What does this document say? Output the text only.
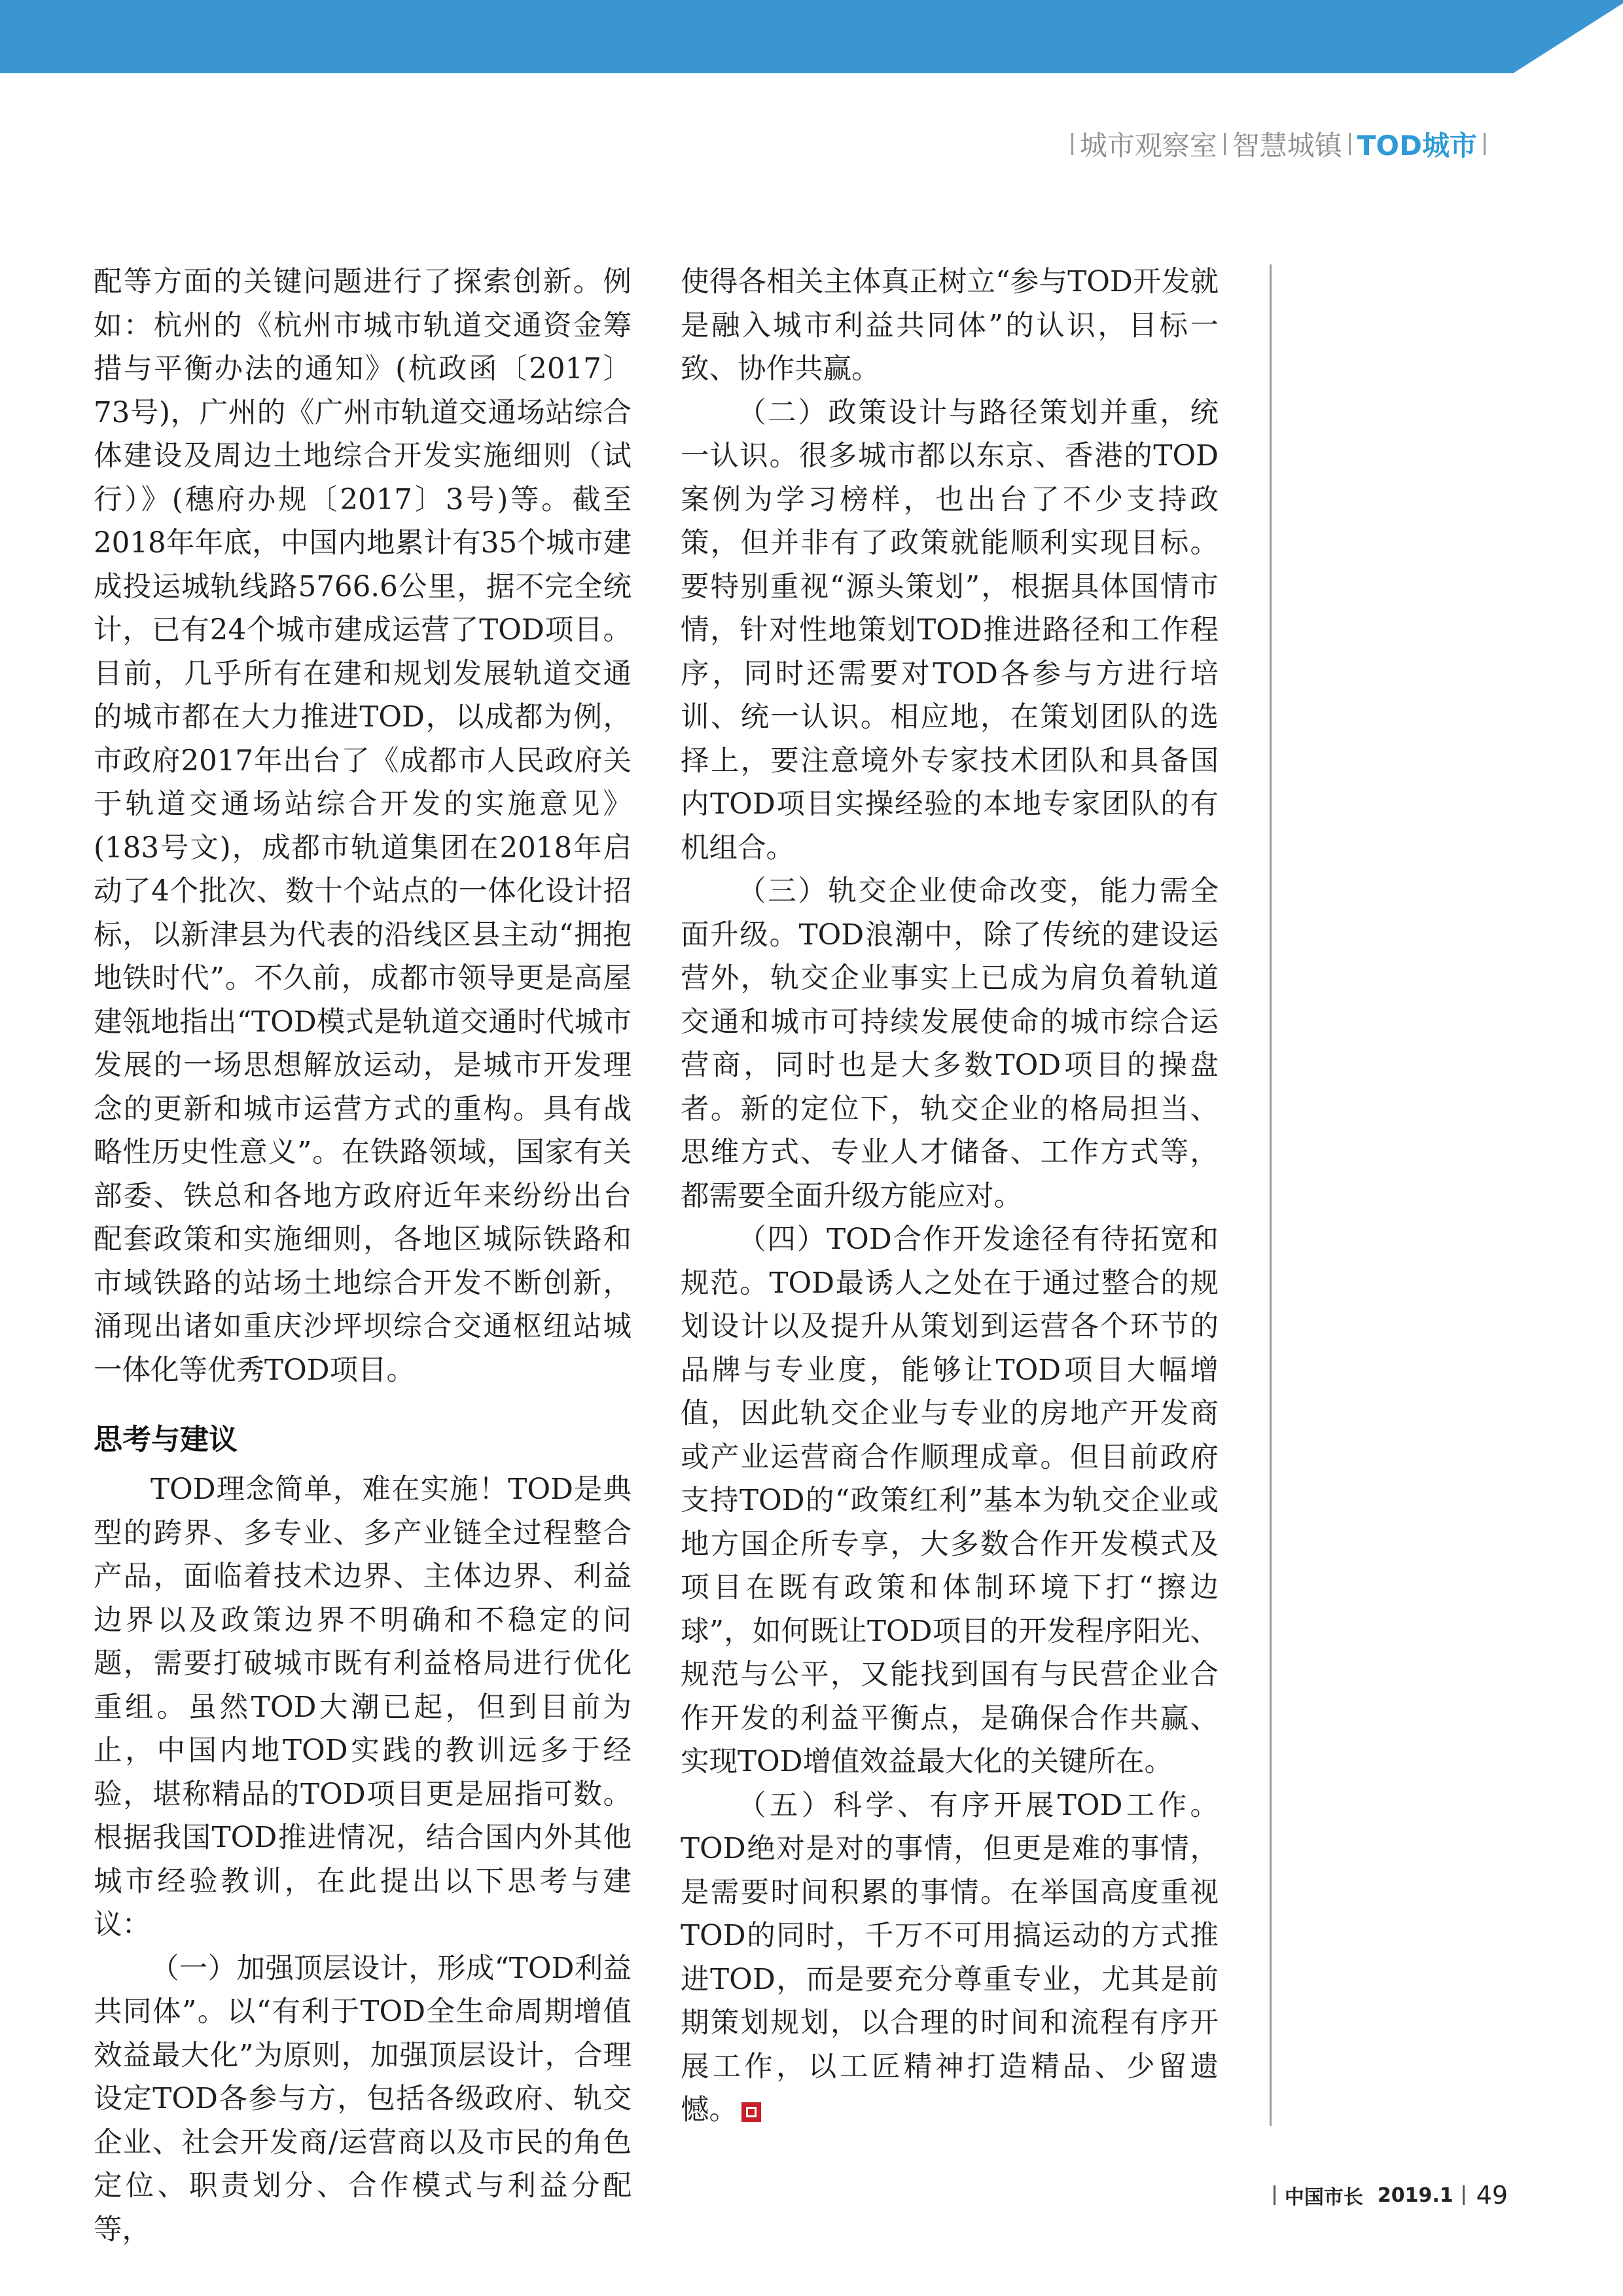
城市观察室 智慧城镇 TOD城市

配等方面的关键问题进行了探索创新。例如：杭州的《杭州市城市轨道交通资金筹措与平衡办法的通知》(杭政函〔2017〕73号)，广州的《广州市轨道交通场站综合体建设及周边土地综合开发实施细则（试行）》(穗府办规〔2017〕3号)等。截至2018年年底，中国内地累计有35个城市建成投运城轨线路5766.6公里，据不完全统计，已有24个城市建成运营了TOD项目。目前，几乎所有在建和规划发展轨道交通的城市都在大力推进TOD，以成都为例，市政府2017年出台了《成都市人民政府关于轨道交通场站综合开发的实施意见》(183号文)，成都市轨道集团在2018年启动了4个批次、数十个站点的一体化设计招标，以新津县为代表的沿线区县主动“拥抱地铁时代”。不久前，成都市领导更是高屋建瓴地指出“TOD模式是轨道交通时代城市发展的一场思想解放运动，是城市开发理念的更新和城市运营方式的重构。具有战略性历史性意义”。在铁路领域，国家有关部委、铁总和各地方政府近年来纷纷出台配套政策和实施细则，各地区城际铁路和市域铁路的站场土地综合开发不断创新，涌现出诸如重庆沙坪坝综合交通枢纽站城一体化等优秀TOD项目。

思考与建议

TOD理念简单，难在实施！TOD是典型的跨界、多专业、多产业链全过程整合产品，面临着技术边界、主体边界、利益边界以及政策边界不明确和不稳定的问题，需要打破城市既有利益格局进行优化重组。虽然TOD大潮已起，但到目前为止，中国内地TOD实践的教训远多于经验，堪称精品的TOD项目更是屈指可数。根据我国TOD推进情况，结合国内外其他城市经验教训，在此提出以下思考与建议：

（一）加强顶层设计，形成“TOD利益共同体”。以“有利于TOD全生命周期增值效益最大化”为原则，加强顶层设计，合理设定TOD各参与方，包括各级政府、轨交企业、社会开发商/运营商以及市民的角色定位、职责划分、合作模式与利益分配等，

使得各相关主体真正树立“参与TOD开发就是融入城市利益共同体”的认识，目标一致、协作共赢。

（二）政策设计与路径策划并重，统一认识。很多城市都以东京、香港的TOD案例为学习榜样，也出台了不少支持政策，但并非有了政策就能顺利实现目标。要特别重视“源头策划”，根据具体国情市情，针对性地策划TOD推进路径和工作程序，同时还需要对TOD各参与方进行培训、统一认识。相应地，在策划团队的选择上，要注意境外专家技术团队和具备国内TOD项目实操经验的本地专家团队的有机组合。

（三）轨交企业使命改变，能力需全面升级。TOD浪潮中，除了传统的建设运营外，轨交企业事实上已成为肩负着轨道交通和城市可持续发展使命的城市综合运营商，同时也是大多数TOD项目的操盘者。新的定位下，轨交企业的格局担当、思维方式、专业人才储备、工作方式等，都需要全面升级方能应对。

（四）TOD合作开发途径有待拓宽和规范。TOD最诱人之处在于通过整合的规划设计以及提升从策划到运营各个环节的品牌与专业度，能够让TOD项目大幅增值，因此轨交企业与专业的房地产开发商或产业运营商合作顺理成章。但目前政府支持TOD的“政策红利”基本为轨交企业或地方国企所专享，大多数合作开发模式及项目在既有政策和体制环境下打“擦边球”，如何既让TOD项目的开发程序阳光、规范与公平，又能找到国有与民营企业合作开发的利益平衡点，是确保合作共赢、实现TOD增值效益最大化的关键所在。

（五）科学、有序开展TOD工作。TOD绝对是对的事情，但更是难的事情，是需要时间积累的事情。在举国高度重视TOD的同时，千万不可用搞运动的方式推进TOD，而是要充分尊重专业，尤其是前期策划规划，以合理的时间和流程有序开展工作，以工匠精神打造精品、少留遗憾。

中国市长 2019.1 49
